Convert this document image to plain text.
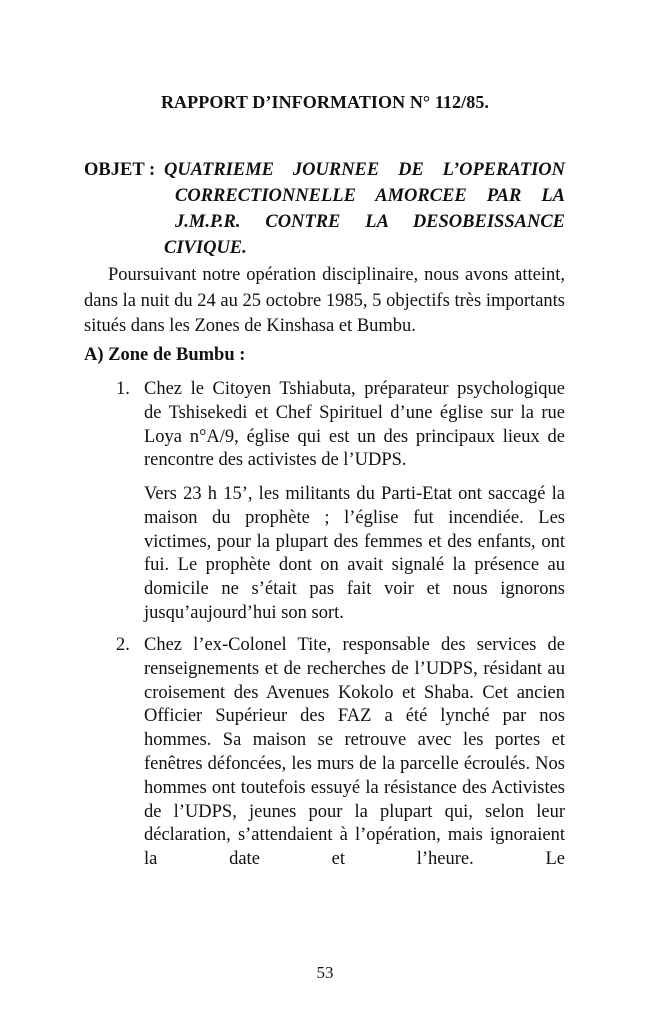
RAPPORT D’INFORMATION N° 112/85.
OBJET : QUATRIEME JOURNEE DE L’OPERATION CORRECTIONNELLE AMORCEE PAR LA J.M.P.R. CONTRE LA DESOBEISSANCE
CIVIQUE.

Poursuivant notre opération disciplinaire, nous avons atteint, dans la nuit du 24 au 25 octobre 1985, 5 objectifs très importants situés dans les Zones de Kinshasa et Bumbu.

A) Zone de Bumbu :

1. Chez le Citoyen Tshiabuta, préparateur psychologique de Tshisekedi et Chef Spirituel d’une église sur la rue Loya n°A/9, église qui est un des principaux lieux de rencontre des activistes de l’UDPS.

Vers 23 h 15’, les militants du Parti-Etat ont saccagé la maison du prophète ; l’église fut incendiée. Les victimes, pour la plupart des femmes et des enfants, ont fui. Le prophète dont on avait signalé la présence au domicile ne s’était pas fait voir et nous ignorons jusqu’aujourd’hui son sort.

2. Chez l’ex-Colonel Tite, responsable des services de renseignements et de recherches de l’UDPS, résidant au croisement des Avenues Kokolo et Shaba. Cet ancien Officier Supérieur des FAZ a été lynché par nos hommes. Sa maison se retrouve avec les portes et fenêtres défoncées, les murs de la parcelle écroulés. Nos hommes ont toutefois essuyé la résistance des Activistes de l’UDPS, jeunes pour la plupart qui, selon leur déclaration, s’attendaient à l’opération, mais ignoraient la date et l’heure. Le

53
